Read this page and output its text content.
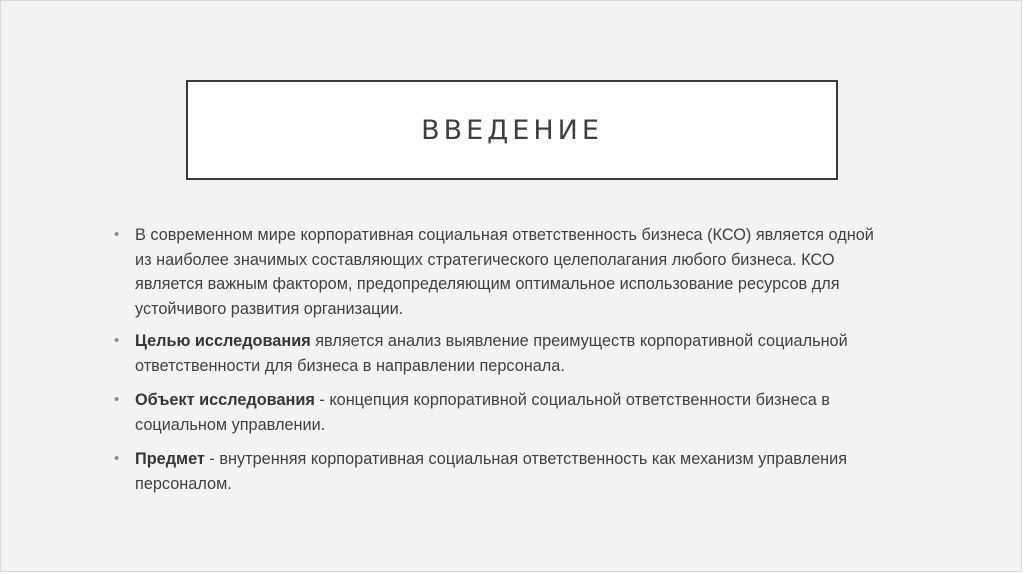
ВВЕДЕНИЕ
• В современном мире корпоративная социальная ответственность бизнеса (КСО) является одной из наиболее значимых составляющих стратегического целеполагания любого бизнеса. КСО является важным фактором, предопределяющим оптимальное использование ресурсов для устойчивого развития организации.
• Целью исследования является анализ выявление преимуществ корпоративной социальной ответственности для бизнеса в направлении персонала.
• Объект исследования - концепция корпоративной социальной ответственности бизнеса в социальном управлении.
• Предмет - внутренняя корпоративная социальная ответственность как механизм управления персоналом.
